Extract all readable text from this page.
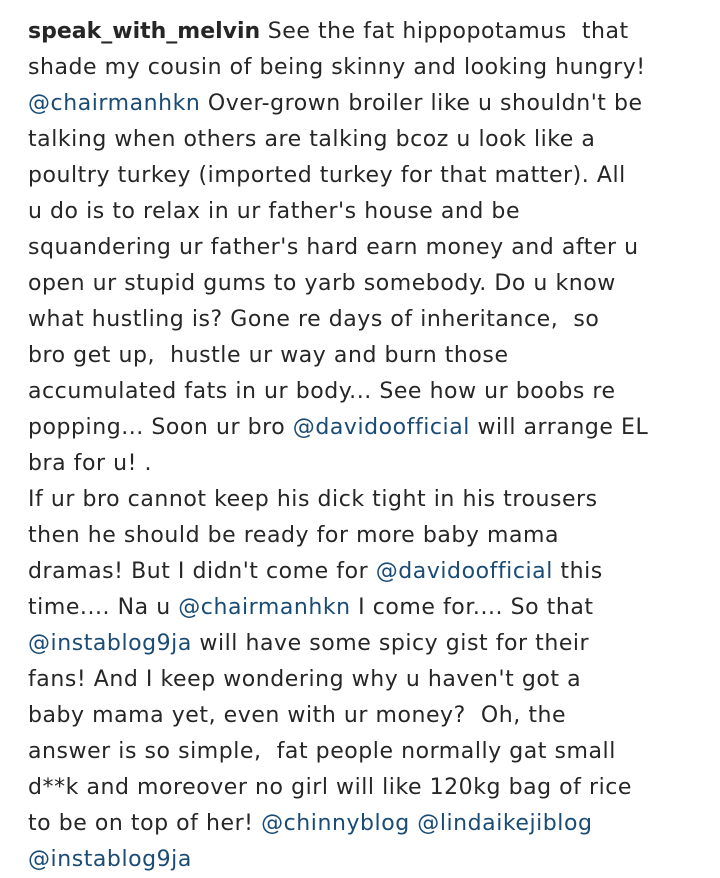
speak_with_melvin See the fat hippopotamus  that
shade my cousin of being skinny and looking hungry!
@chairmanhkn Over-grown broiler like u shouldn't be
talking when others are talking bcoz u look like a
poultry turkey (imported turkey for that matter). All
u do is to relax in ur father's house and be
squandering ur father's hard earn money and after u
open ur stupid gums to yarb somebody. Do u know
what hustling is? Gone re days of inheritance,  so
bro get up,  hustle ur way and burn those
accumulated fats in ur body... See how ur boobs re
popping... Soon ur bro @davidoofficial will arrange EL
bra for u! .
If ur bro cannot keep his dick tight in his trousers
then he should be ready for more baby mama
dramas! But I didn't come for @davidoofficial this
time.... Na u @chairmanhkn I come for.... So that
@instablog9ja will have some spicy gist for their
fans! And I keep wondering why u haven't got a
baby mama yet, even with ur money?  Oh, the
answer is so simple,  fat people normally gat small
d**k and moreover no girl will like 120kg bag of rice
to be on top of her! @chinnyblog @lindaikejiblog
@instablog9ja
